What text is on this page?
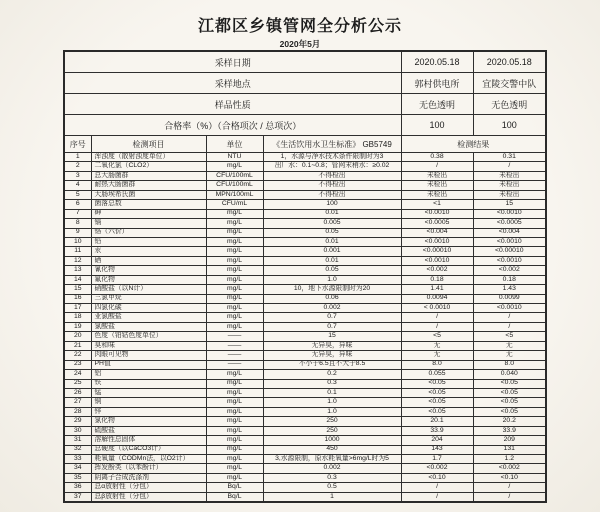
江都区乡镇管网全分析公示
2020年5月
采样日期				2020.05.18	2020.05.18
采样地点				郭村供电所	宜陵交警中队
样品性质				无色透明	无色透明
合格率（%）（合格项次 / 总项次）				100	100
序号	检测项目	单位	《生活饮用水卫生标准》 GB5749	检测结果	
1	浑浊度（散射浊度单位）	NTU	1，水源与净水技术条件限制时为3	0.38	0.31
2	二氧化氯（CLO2）	mg/L	出厂水：0.1~0.8；管网末稍水：≥0.02	/	/
3	总大肠菌群	CFU/100mL	不得检出	未检出	未检出
4	耐热大肠菌群	CFU/100mL	不得检出	未检出	未检出
5	大肠埃希氏菌	MPN/100mL	不得检出	未检出	未检出
6	菌落总数	CFU/mL	100	<1	15
7	砷	mg/L	0.01	<0.0010	<0.0010
8	镉	mg/L	0.005	<0.0005	<0.0005
9	铬（六价）	mg/L	0.05	<0.004	<0.004
10	铅	mg/L	0.01	<0.0010	<0.0010
11	汞	mg/L	0.001	<0.00010	<0.00010
12	硒	mg/L	0.01	<0.0010	<0.0010
13	氰化物	mg/L	0.05	<0.002	<0.002
14	氟化物	mg/L	1.0	0.18	0.18
15	硝酸盐（以N计）	mg/L	10，地下水源限制时为20	1.41	1.43
16	三氯甲烷	mg/L	0.06	0.0094	0.0099
17	四氯化碳	mg/L	0.002	< 0.0010	<0.0010
18	亚氯酸盐	mg/L	0.7	/	/
19	氯酸盐	mg/L	0.7	/	/
20	色度（铂钴色度单位）	——	15	<5	<5
21	臭和味	——	无异臭，异味	无	无
22	肉眼可见物	——	无异臭，异味	无	无
23	PH值	——	不小于6.5且不大于8.5	8.0	8.0
24	铝	mg/L	0.2	0.055	0.040
25	铁	mg/L	0.3	<0.05	<0.05
26	锰	mg/L	0.1	<0.05	<0.05
27	铜	mg/L	1.0	<0.05	<0.05
28	锌	mg/L	1.0	<0.05	<0.05
29	氯化物	mg/L	250	20.1	20.2
30	硫酸盐	mg/L	250	33.9	33.9
31	溶解性总固体	mg/L	1000	204	209
32	总硬度（以CaCO3计）	mg/L	450	143	131
33	耗氧量（CODMn法，以O2计）	mg/L	3,水源限制，原水耗氧量>6mg/L时为5	1.7	1.2
34	挥发酚类（以苯酚计）	mg/L	0.002	<0.002	<0.002
35	阴离子合成洗涤剂	mg/L	0.3	<0.10	<0.10
36	总α放射性（分包）	Bq/L	0.5	/	/
37	总β放射性（分包）	Bq/L	1	/	/
